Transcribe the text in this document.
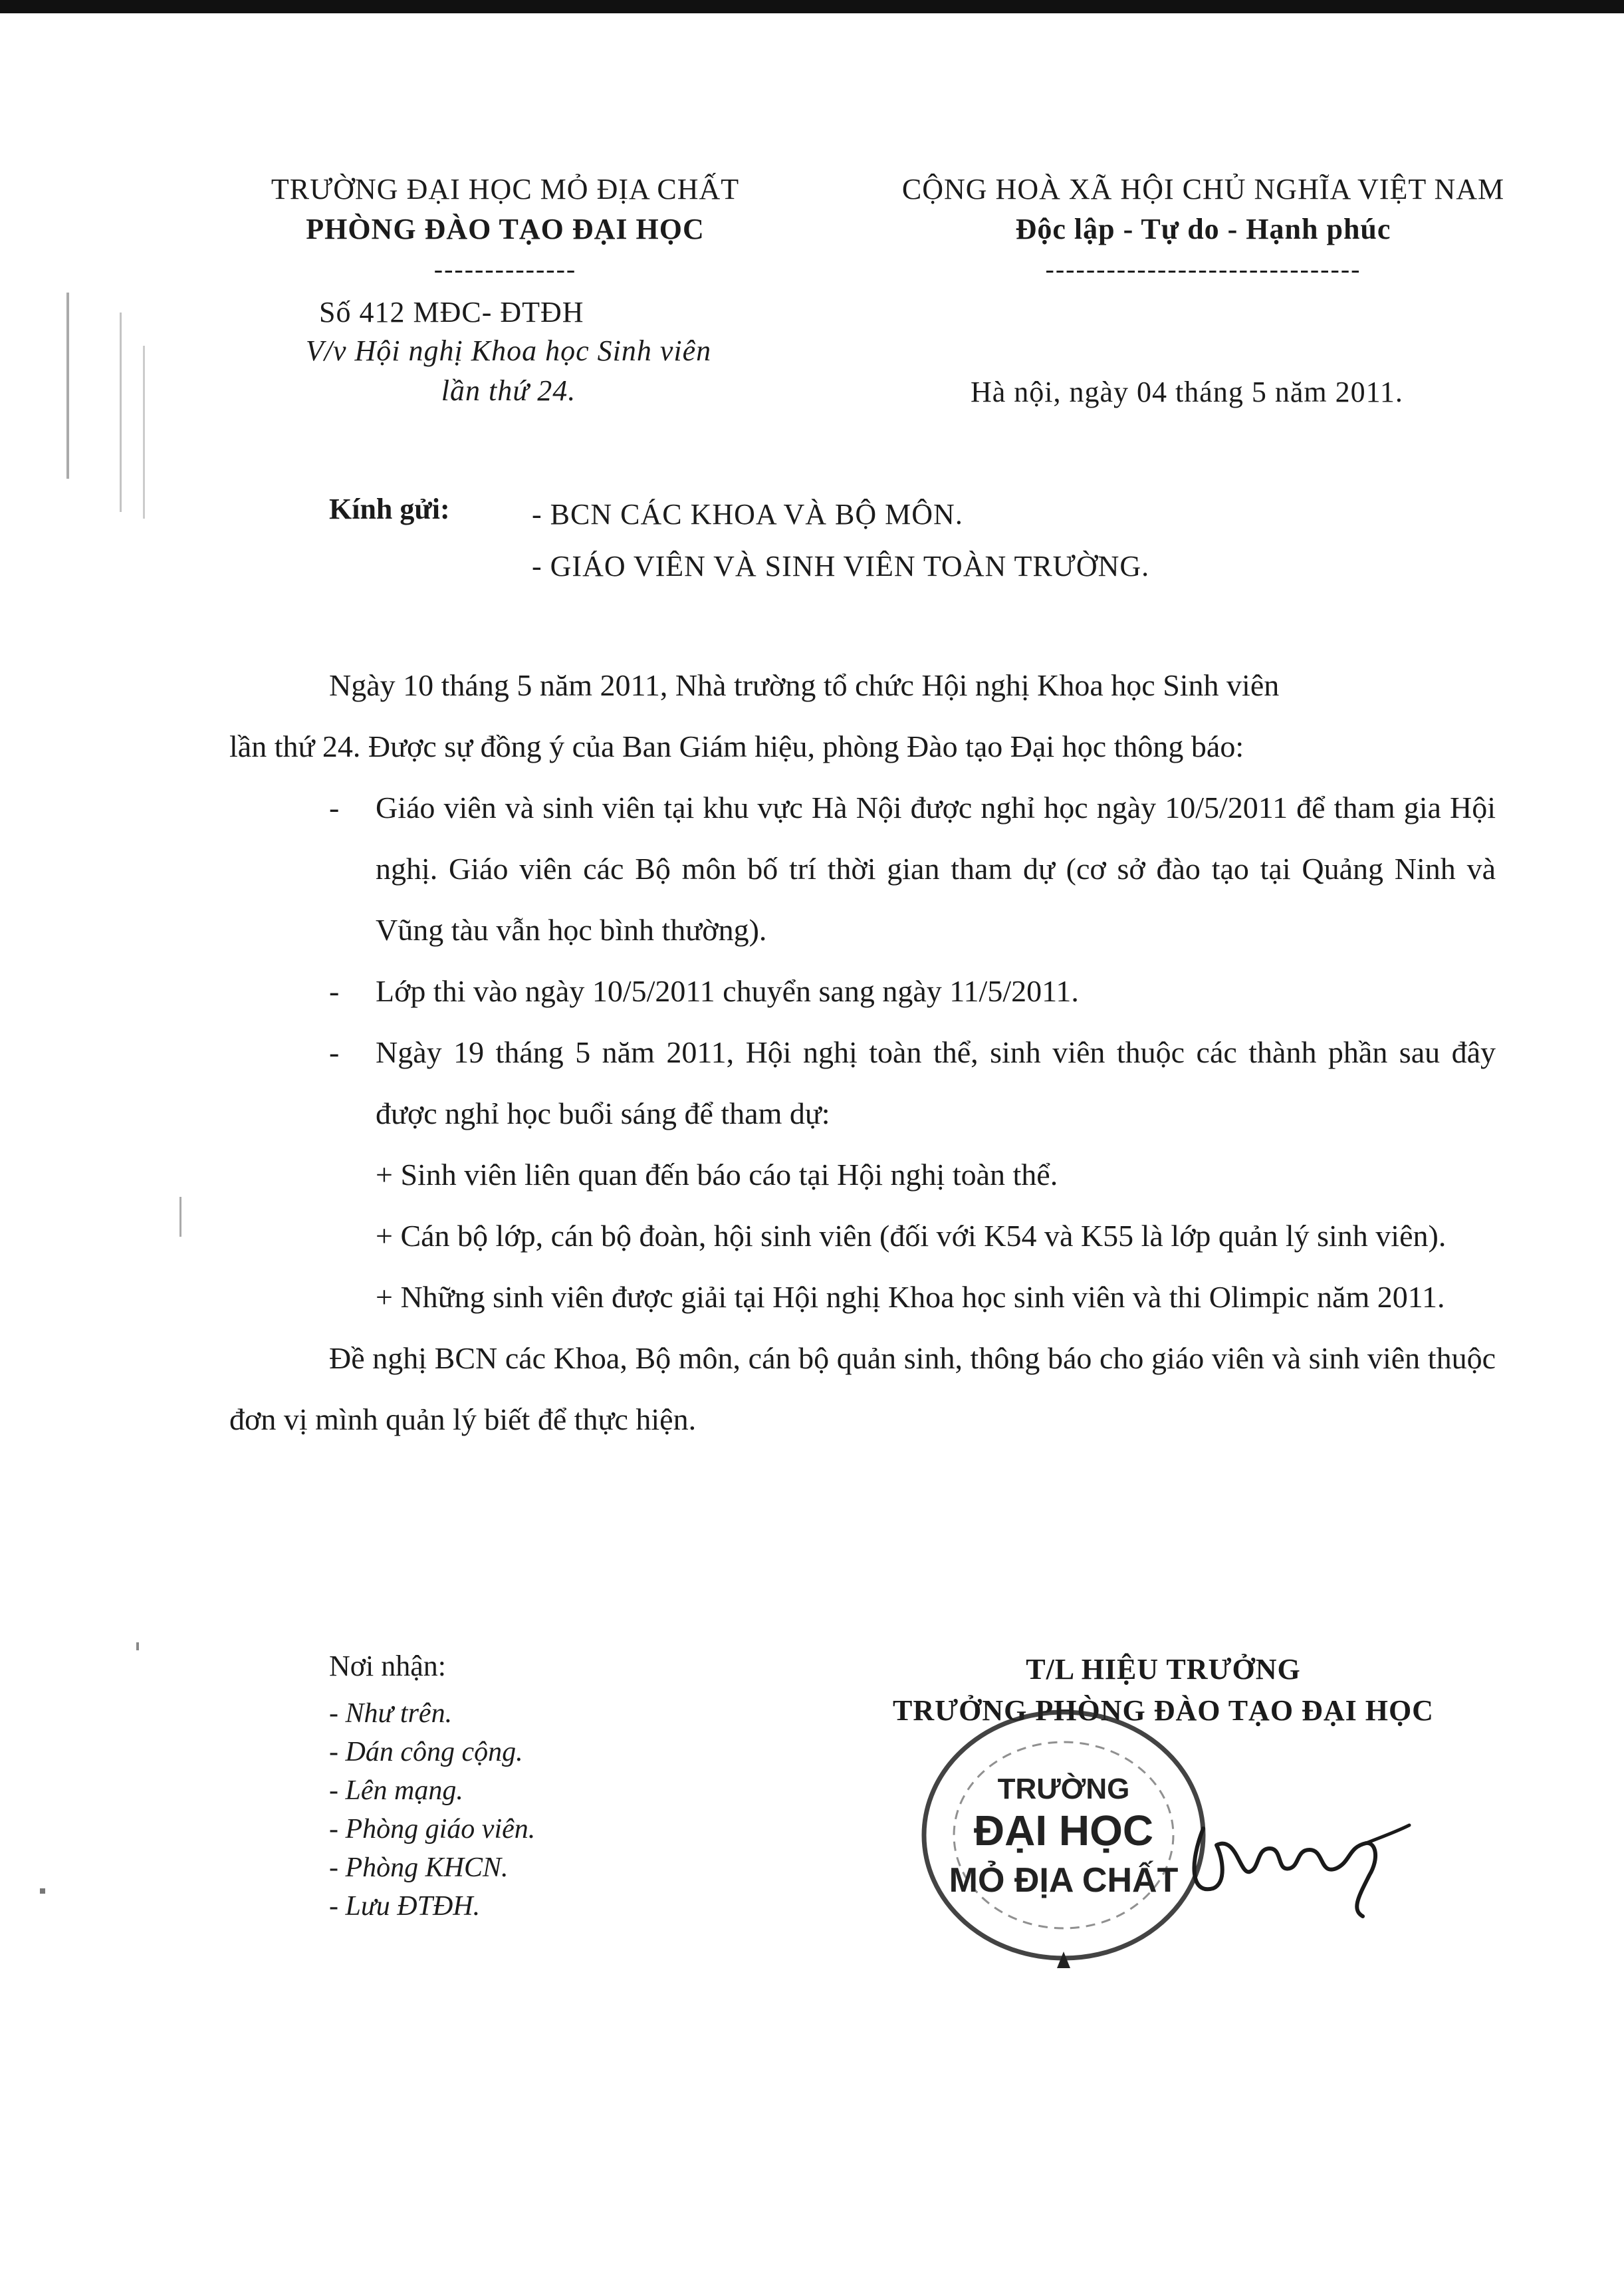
TRƯỜNG ĐẠI HỌC MỎ ĐỊA CHẤT
PHÒNG ĐÀO TẠO ĐẠI HỌC
--------------
Số 412 MĐC- ĐTĐH
V/v Hội nghị Khoa học Sinh viên
lần thứ 24.
CỘNG HOÀ XÃ HỘI CHỦ NGHĨA VIỆT NAM
Độc lập - Tự do - Hạnh phúc
-------------------------------
Hà nội, ngày 04 tháng 5 năm 2011.
Kính gửi:	- BCN CÁC KHOA VÀ BỘ MÔN.
- GIÁO VIÊN VÀ SINH VIÊN TOÀN TRƯỜNG.

Ngày 10 tháng 5 năm 2011, Nhà trường tổ chức Hội nghị Khoa học Sinh viên

lần thứ 24. Được sự đồng ý của Ban Giám hiệu, phòng Đào tạo Đại học thông báo:

- Giáo viên và sinh viên tại khu vực Hà Nội được nghỉ học ngày 10/5/2011 để tham gia Hội nghị. Giáo viên các Bộ môn bố trí thời gian tham dự (cơ sở đào tạo tại Quảng Ninh và Vũng tàu vẫn học bình thường).
- Lớp thi vào ngày 10/5/2011 chuyển sang ngày 11/5/2011.
- Ngày 19 tháng 5 năm 2011, Hội nghị toàn thể, sinh viên thuộc các thành phần sau đây được nghỉ học buổi sáng để tham dự:

+ Sinh viên liên quan đến báo cáo tại Hội nghị toàn thể.

+ Cán bộ lớp, cán bộ đoàn, hội sinh viên (đối với K54 và K55 là lớp quản lý sinh viên).

+ Những sinh viên được giải tại Hội nghị Khoa học sinh viên và thi Olimpic năm 2011.

Đề nghị BCN các Khoa, Bộ môn, cán bộ quản sinh, thông báo cho giáo viên và sinh viên thuộc đơn vị mình quản lý biết để thực hiện.

Nơi nhận:
- Như trên.
- Dán công cộng.
- Lên mạng.
- Phòng giáo viên.
- Phòng KHCN.
- Lưu ĐTĐH.
T/L HIỆU TRƯỞNG
TRƯỞNG PHÒNG ĐÀO TẠO ĐẠI HỌC
TRƯỜNG
ĐẠI HỌC
MỎ ĐỊA CHẤT
